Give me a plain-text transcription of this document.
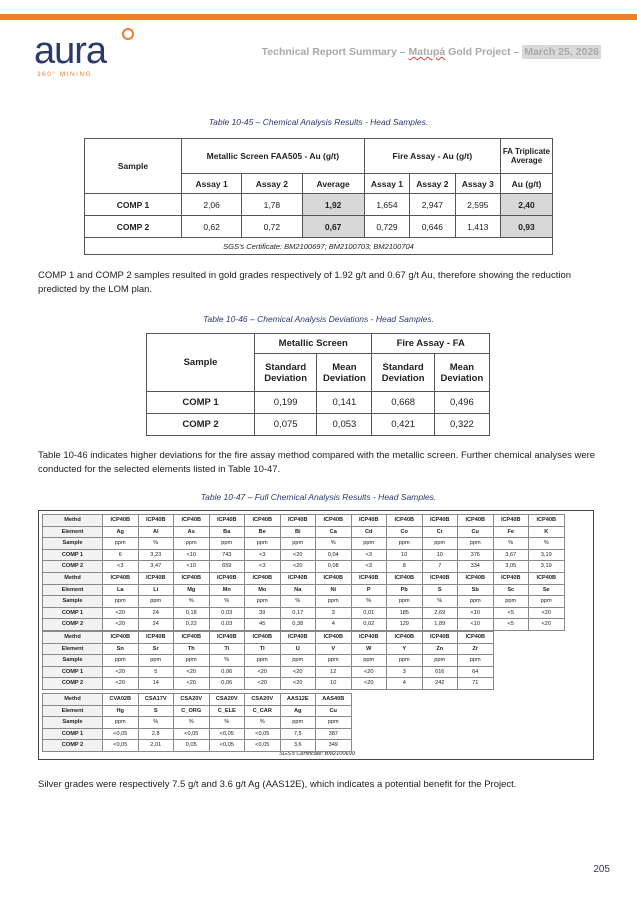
aura
360° MINING
Technical Report Summary – Matupá Gold Project – March 25, 2026
Table 10-45 – Chemical Analysis Results - Head Samples.
Sample	Metallic Screen FAA505 - Au (g/t)			Fire Assay - Au (g/t)			FA Triplicate Average
	Assay 1	Assay 2	Average	Assay 1	Assay 2	Assay 3	Au (g/t)
COMP 1	2,06	1,78	1,92	1,654	2,947	2,595	2,40
COMP 2	0,62	0,72	0,67	0,729	0,646	1,413	0,93
SGS's Certificate: BM2100697; BM2100703; BM2100704							
COMP 1 and COMP 2 samples resulted in gold grades respectively of 1.92 g/t and 0.67 g/t Au, therefore showing the reduction predicted by the LOM plan.
Table 10-46 – Chemical Analysis Deviations - Head Samples.
Sample	Metallic Screen		Fire Assay - FA	
	Standard Deviation	Mean Deviation	Standard Deviation	Mean Deviation
COMP 1	0,199	0,141	0,668	0,496
COMP 2	0,075	0,053	0,421	0,322
Table 10-46 indicates higher deviations for the fire assay method compared with the metallic screen. Further chemical analyses were conducted for the selected elements listed in Table 10-47.
Table 10-47 – Full Chemical Analysis Results - Head Samples.
SGS's Certificate: BM2100699
Methd	ICP40B	ICP40B	ICP40B	ICP40B	ICP40B	ICP40B	ICP40B	ICP40B	ICP40B	ICP40B	ICP40B	ICP40B	ICP40B
Element	Ag	Al	As	Ba	Be	Bi	Ca	Cd	Co	Cr	Cu	Fe	K
Sample	ppm	%	ppm	ppm	ppm	ppm	%	ppm	ppm	ppm	ppm	%	%
COMP 1	6	3,23	<10	743	<3	<20	0,04	<3	10	10	376	3,67	3,19
COMP 2	<3	3,47	<10	659	<3	<20	0,08	<3	8	7	334	3,05	3,19
Methd	ICP40B	ICP40B	ICP40B	ICP40B	ICP40B	ICP40B	ICP40B	ICP40B	ICP40B	ICP40B	ICP40B	ICP40B	ICP40B
Element	La	Li	Mg	Mn	Mo	Na	Ni	P	Pb	S	Sb	Sc	Se
Sample	ppm	ppm	%	%	ppm	%	ppm	%	ppm	%	ppm	ppm	ppm
COMP 1	<20	24	0,18	0,03	39	0,17	3	0,01	185	2,69	<10	<5	<20
COMP 2	<20	24	0,22	0,03	45	0,38	4	0,02	129	1,89	<10	<5	<20
Methd	ICP40B	ICP40B	ICP40B	ICP40B	ICP40B	ICP40B	ICP40B	ICP40B	ICP40B	ICP40B	ICP40B
Element	Sn	Sr	Th	Ti	Tl	U	V	W	Y	Zn	Zr
Sample	ppm	ppm	ppm	%	ppm	ppm	ppm	ppm	ppm	ppm	ppm
COMP 1	<20	5	<20	0,06	<20	<20	12	<20	3	616	64
COMP 2	<20	14	<20	0,06	<20	<20	10	<20	4	242	71
Methd	CVA02B	CSA17V	CSA20V	CSA20V	CSA20V	AAS12E	AAS40B
Element	Hg	S	C_ORG	C_ELE	C_CAR	Ag	Cu
Sample	ppm	%	%	%	%	ppm	ppm
COMP 1	<0,05	2,8	<0,05	<0,05	<0,05	7,5	387
COMP 2	<0,05	2,01	0,05	<0,05	<0,05	3,6	349
Silver grades were respectively 7.5 g/t and 3.6 g/t Ag (AAS12E), which indicates a potential benefit for the Project.
205
